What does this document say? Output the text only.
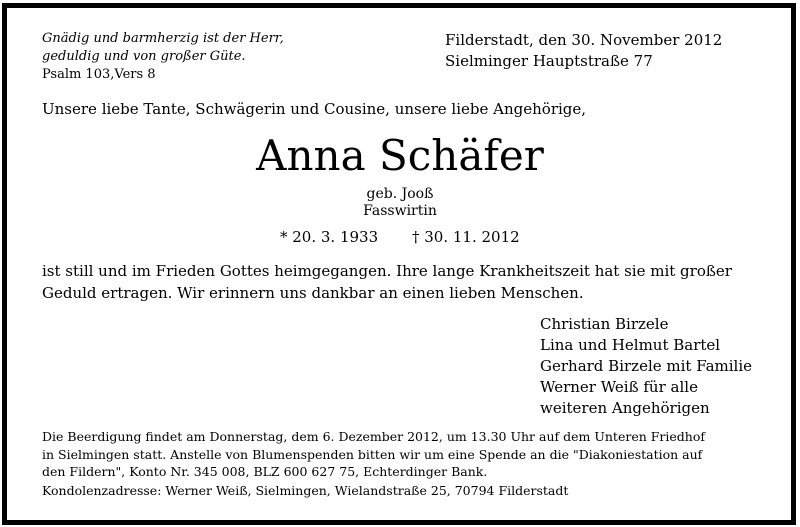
Gnädig und barmherzig ist der Herr,
geduldig und von großer Güte.
Psalm 103,Vers 8
Filderstadt, den 30. November 2012
Sielminger Hauptstraße 77
Unsere liebe Tante, Schwägerin und Cousine, unsere liebe Angehörige,
Anna Schäfer
geb. Jooß
Fasswirtin
* 20. 3. 1933 † 30. 11. 2012
ist still und im Frieden Gottes heimgegangen. Ihre lange Krankheitszeit hat sie mit großer
Geduld ertragen. Wir erinnern uns dankbar an einen lieben Menschen.
Christian Birzele
Lina und Helmut Bartel
Gerhard Birzele mit Familie
Werner Weiß für alle
weiteren Angehörigen
Die Beerdigung findet am Donnerstag, dem 6. Dezember 2012, um 13.30 Uhr auf dem Unteren Friedhof
in Sielmingen statt. Anstelle von Blumenspenden bitten wir um eine Spende an die "Diakoniestation auf
den Fildern", Konto Nr. 345 008, BLZ 600 627 75, Echterdinger Bank.
Kondolenzadresse: Werner Weiß, Sielmingen, Wielandstraße 25, 70794 Filderstadt
